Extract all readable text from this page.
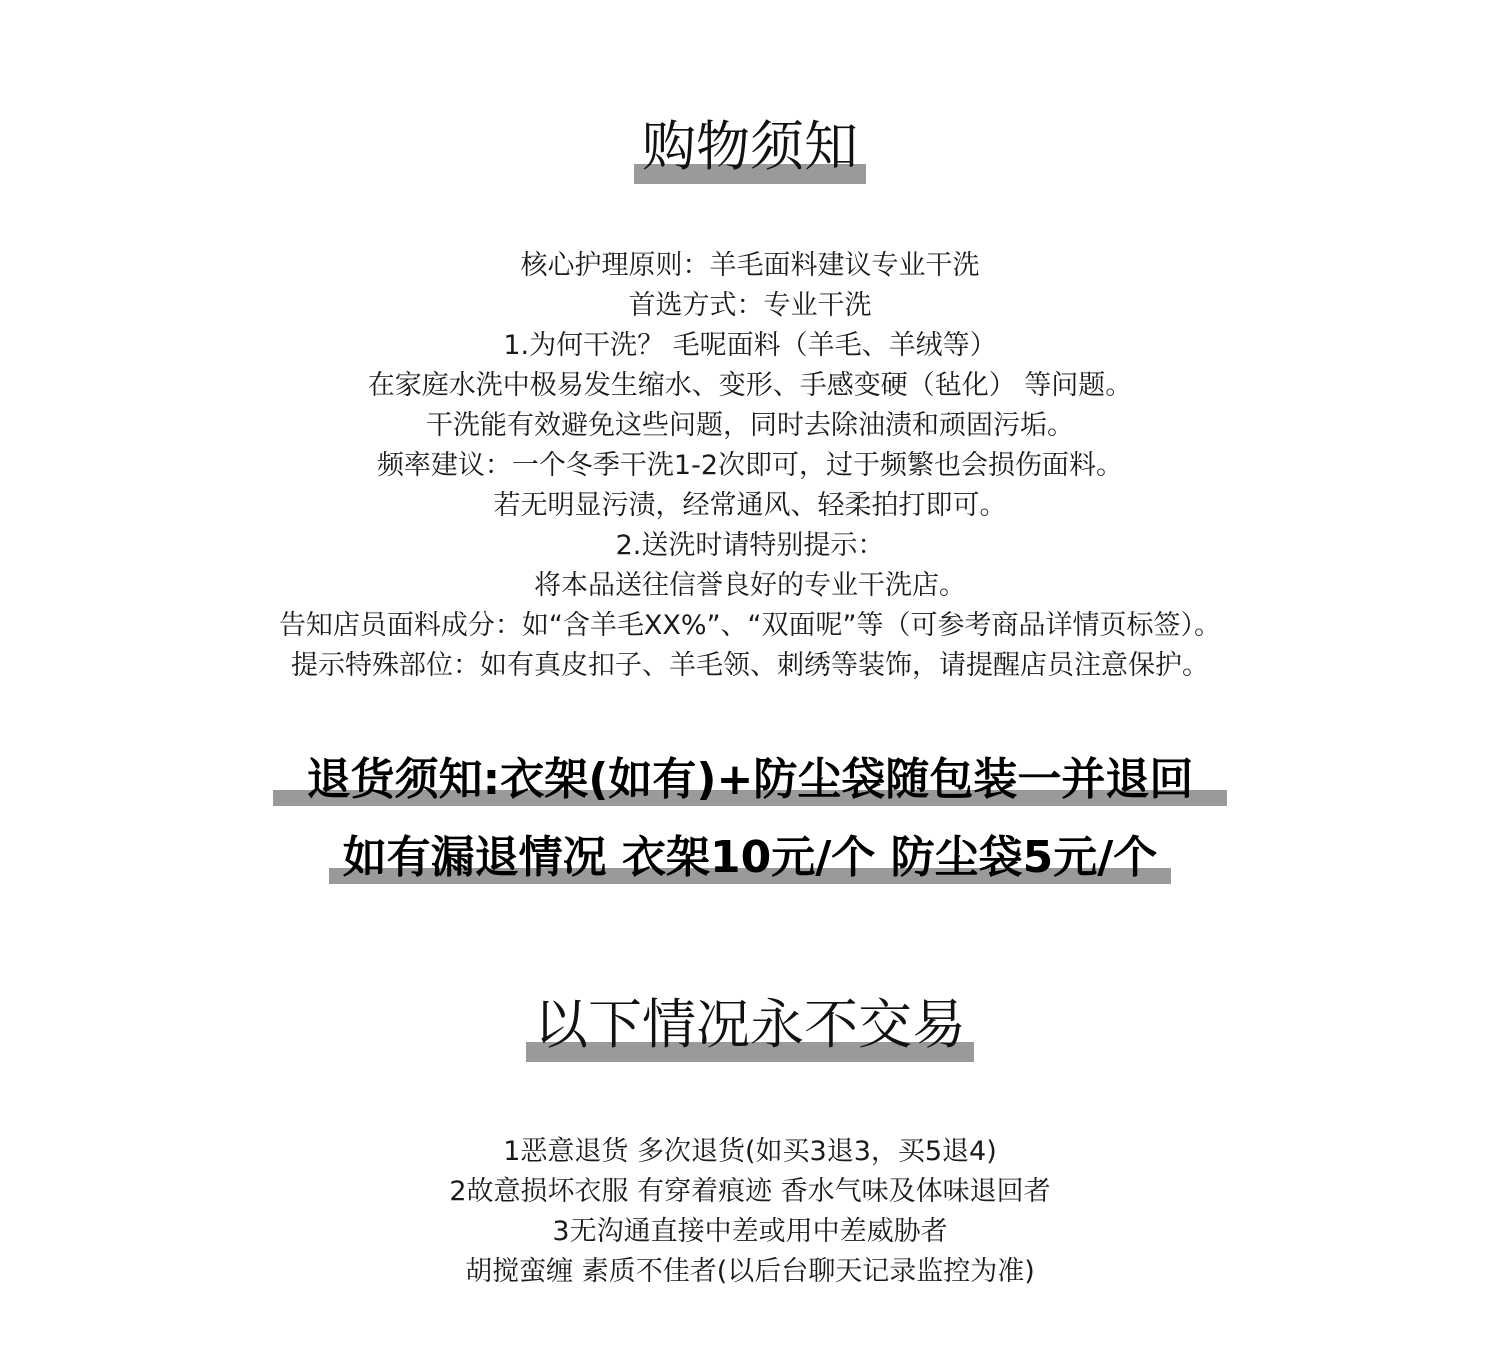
购物须知
核心护理原则：羊毛面料建议专业干洗
首选方式：专业干洗
1.为何干洗？ 毛呢面料（羊毛、羊绒等）
在家庭水洗中极易发生缩水、变形、手感变硬（毡化） 等问题。
干洗能有效避免这些问题，同时去除油渍和顽固污垢。
频率建议：一个冬季干洗1-2次即可，过于频繁也会损伤面料。
若无明显污渍，经常通风、轻柔拍打即可。
2.送洗时请特别提示：
将本品送往信誉良好的专业干洗店。
告知店员面料成分：如“含羊毛XX%”、“双面呢”等（可参考商品详情页标签）。
提示特殊部位：如有真皮扣子、羊毛领、刺绣等装饰，请提醒店员注意保护。
退货须知:衣架(如有)+防尘袋随包装一并退回
如有漏退情况 衣架10元/个 防尘袋5元/个
以下情况永不交易
1恶意退货 多次退货(如买3退3，买5退4)
2故意损坏衣服 有穿着痕迹 香水气味及体味退回者
3无沟通直接中差或用中差威胁者
胡搅蛮缠 素质不佳者(以后台聊天记录监控为准)
